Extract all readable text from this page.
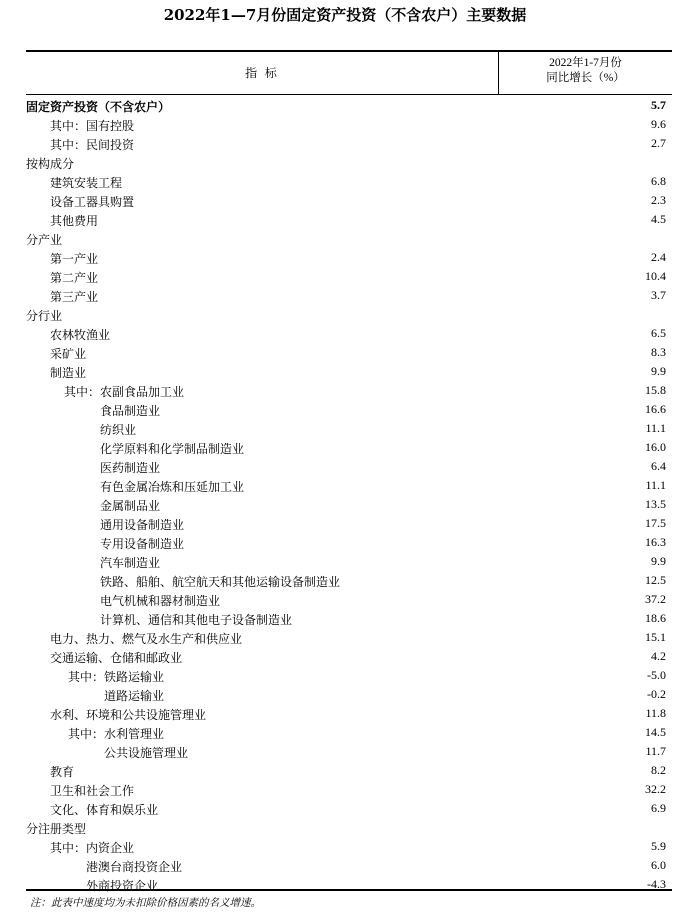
2022年1—7月份固定资产投资（不含农户）主要数据
指 标
2022年1-7月份
同比增长（%）
固定资产投资（不含农户）	5.7
其中：国有控股	9.6
其中：民间投资	2.7
按构成分
建筑安装工程	6.8
设备工器具购置	2.3
其他费用	4.5
分产业
第一产业	2.4
第二产业	10.4
第三产业	3.7
分行业
农林牧渔业	6.5
采矿业	8.3
制造业	9.9
其中：农副食品加工业	15.8
食品制造业	16.6
纺织业	11.1
化学原料和化学制品制造业	16.0
医药制造业	6.4
有色金属冶炼和压延加工业	11.1
金属制品业	13.5
通用设备制造业	17.5
专用设备制造业	16.3
汽车制造业	9.9
铁路、船舶、航空航天和其他运输设备制造业	12.5
电气机械和器材制造业	37.2
计算机、通信和其他电子设备制造业	18.6
电力、热力、燃气及水生产和供应业	15.1
交通运输、仓储和邮政业	4.2
其中：铁路运输业	-5.0
道路运输业	-0.2
水利、环境和公共设施管理业	11.8
其中：水利管理业	14.5
公共设施管理业	11.7
教育	8.2
卫生和社会工作	32.2
文化、体育和娱乐业	6.9
分注册类型
其中：内资企业	5.9
港澳台商投资企业	6.0
外商投资企业	-4.3
注：此表中速度均为未扣除价格因素的名义增速。
